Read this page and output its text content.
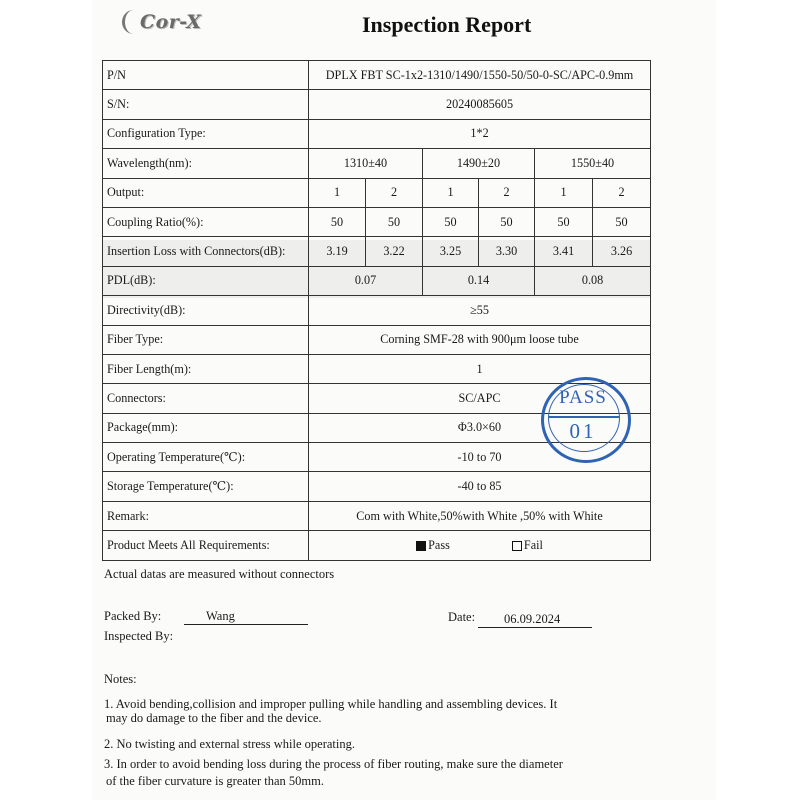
Cor-X	Inspection Report
P/N	DPLX FBT SC-1x2-1310/1490/1550-50/50-0-SC/APC-0.9mm					
S/N:	20240085605					
Configuration Type:	1*2					
Wavelength(nm):	1310±40		1490±20		1550±40	
Output:	1	2	1	2	1	2
Coupling Ratio(%):	50	50	50	50	50	50
Insertion Loss with Connectors(dB):	3.19	3.22	3.25	3.30	3.41	3.26
PDL(dB):	0.07		0.14		0.08	
Directivity(dB):	≥55					
Fiber Type:	Corning SMF-28 with 900μm loose tube					
Fiber Length(m):	1					
Connectors:	SC/APC					
Package(mm):	Φ3.0×60					
Operating Temperature(℃):	-10 to 70					
Storage Temperature(℃):	-40 to 85					
Remark:	Com with White,50%with White ,50% with White					
Product Meets All Requirements:	Pass Fail					
PASS
01
Actual datas are measured without connectors
Packed By:	Wang	Date:	06.09.2024
Inspected By:
Notes:
1. Avoid bending,collision and improper pulling while handling and assembling devices. It
may do damage to the fiber and the device.
2. No twisting and external stress while operating.
3. In order to avoid bending loss during the process of fiber routing, make sure the diameter
of the fiber curvature is greater than 50mm.
